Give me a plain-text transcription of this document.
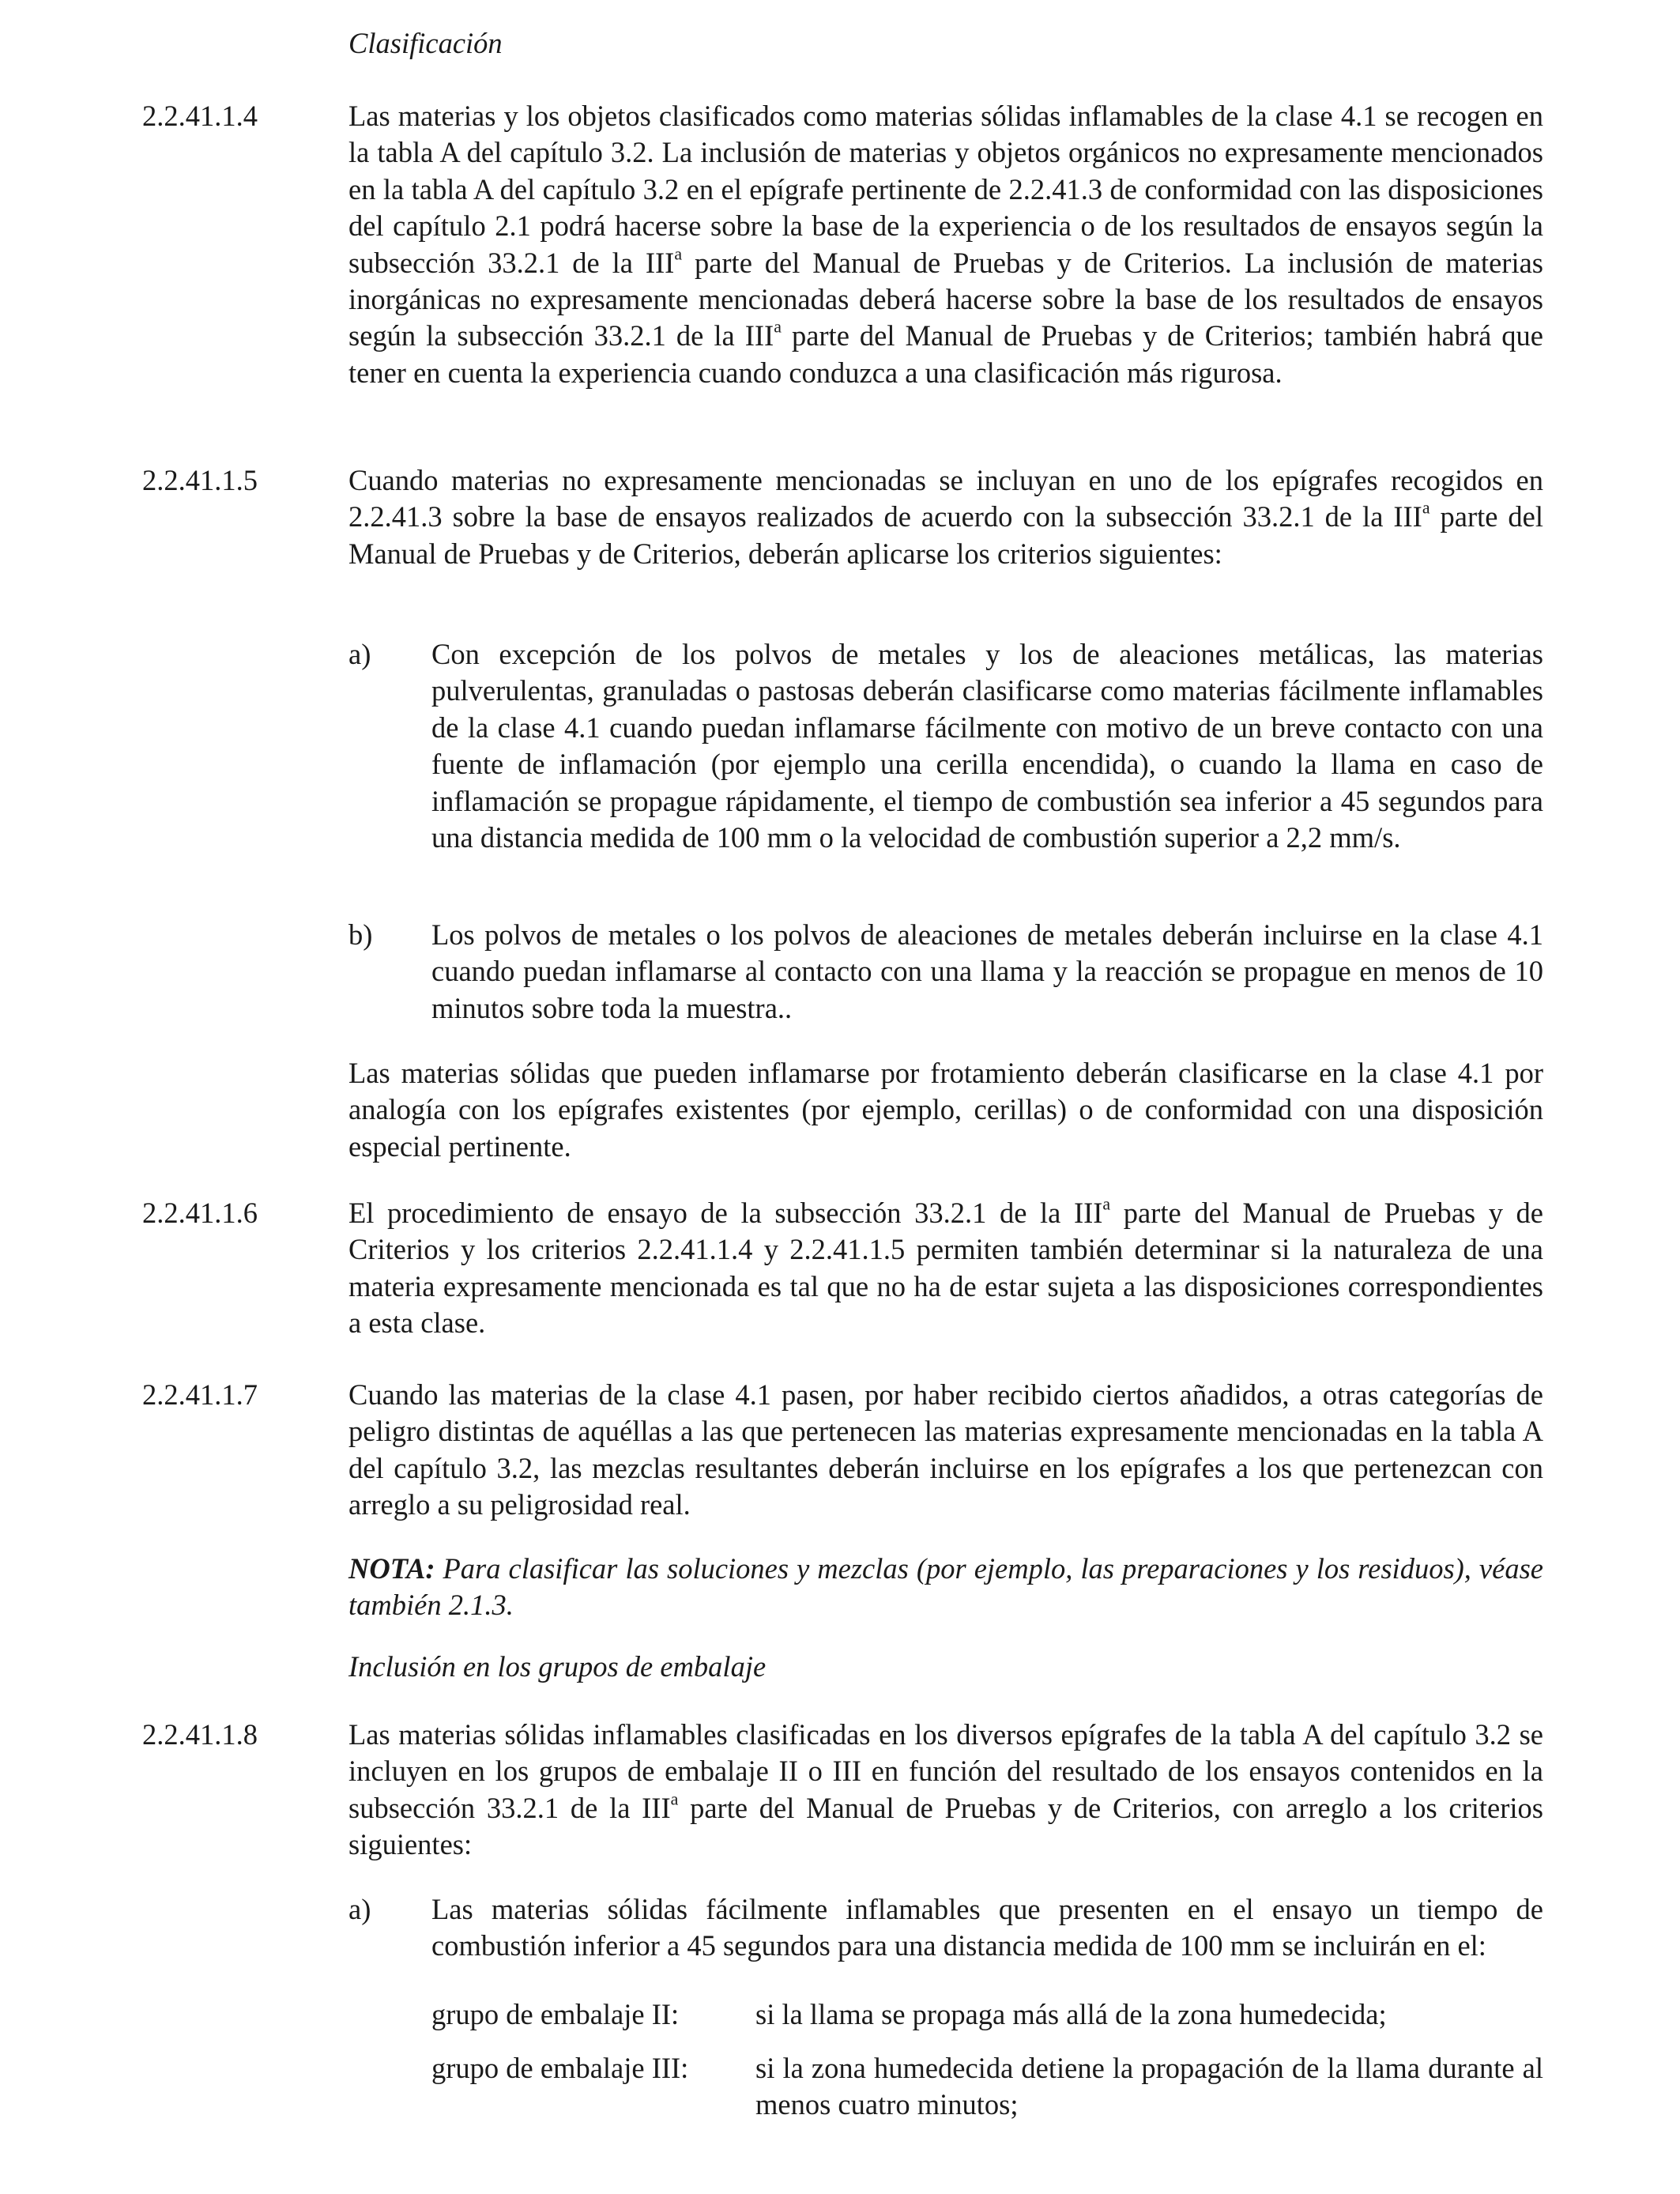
Clasificación
2.2.41.1.4	Las materias y los objetos clasificados como materias sólidas inflamables de la clase 4.1 se recogen en la tabla A del capítulo 3.2. La inclusión de materias y objetos orgánicos no expresamente mencionados en la tabla A del capítulo 3.2 en el epígrafe pertinente de 2.2.41.3 de conformidad con las disposiciones del capítulo 2.1 podrá hacerse sobre la base de la experiencia o de los resultados de ensayos según la subsección 33.2.1 de la III$^a$ parte del Manual de Pruebas y de Criterios. La inclusión de materias inorgánicas no expresamente mencionadas deberá hacerse sobre la base de los resultados de ensayos según la subsección 33.2.1 de la III$^a$ parte del Manual de Pruebas y de Criterios; también habrá que tener en cuenta la experiencia cuando conduzca a una clasificación más rigurosa.
2.2.41.1.5	Cuando materias no expresamente mencionadas se incluyan en uno de los epígrafes recogidos en 2.2.41.3 sobre la base de ensayos realizados de acuerdo con la subsección 33.2.1 de la III$^a$ parte del Manual de Pruebas y de Criterios, deberán aplicarse los criterios siguientes:
a) Con excepción de los polvos de metales y los de aleaciones metálicas, las materias pulverulentas, granuladas o pastosas deberán clasificarse como materias fácilmente inflamables de la clase 4.1 cuando puedan inflamarse fácilmente con motivo de un breve contacto con una fuente de inflamación (por ejemplo una cerilla encendida), o cuando la llama en caso de inflamación se propague rápidamente, el tiempo de combustión sea inferior a 45 segundos para una distancia medida de 100 mm o la velocidad de combustión superior a 2,2 mm/s.
b) Los polvos de metales o los polvos de aleaciones de metales deberán incluirse en la clase 4.1 cuando puedan inflamarse al contacto con una llama y la reacción se propague en menos de 10 minutos sobre toda la muestra..
Las materias sólidas que pueden inflamarse por frotamiento deberán clasificarse en la clase 4.1 por analogía con los epígrafes existentes (por ejemplo, cerillas) o de conformidad con una disposición especial pertinente.
2.2.41.1.6	El procedimiento de ensayo de la subsección 33.2.1 de la III$^a$ parte del Manual de Pruebas y de Criterios y los criterios 2.2.41.1.4 y 2.2.41.1.5 permiten también determinar si la naturaleza de una materia expresamente mencionada es tal que no ha de estar sujeta a las disposiciones correspondientes a esta clase.
2.2.41.1.7	Cuando las materias de la clase 4.1 pasen, por haber recibido ciertos añadidos, a otras categorías de peligro distintas de aquéllas a las que pertenecen las materias expresamente mencionadas en la tabla A del capítulo 3.2, las mezclas resultantes deberán incluirse en los epígrafes a los que pertenezcan con arreglo a su peligrosidad real.
NOTA: Para clasificar las soluciones y mezclas (por ejemplo, las preparaciones y los residuos), véase también 2.1.3.
Inclusión en los grupos de embalaje
2.2.41.1.8	Las materias sólidas inflamables clasificadas en los diversos epígrafes de la tabla A del capítulo 3.2 se incluyen en los grupos de embalaje II o III en función del resultado de los ensayos contenidos en la subsección 33.2.1 de la III$^a$ parte del Manual de Pruebas y de Criterios, con arreglo a los criterios siguientes:
a) Las materias sólidas fácilmente inflamables que presenten en el ensayo un tiempo de combustión inferior a 45 segundos para una distancia medida de 100 mm se incluirán en el:
grupo de embalaje II:	si la llama se propaga más allá de la zona humedecida;
grupo de embalaje III: si la zona humedecida detiene la propagación de la llama durante al menos cuatro minutos;
